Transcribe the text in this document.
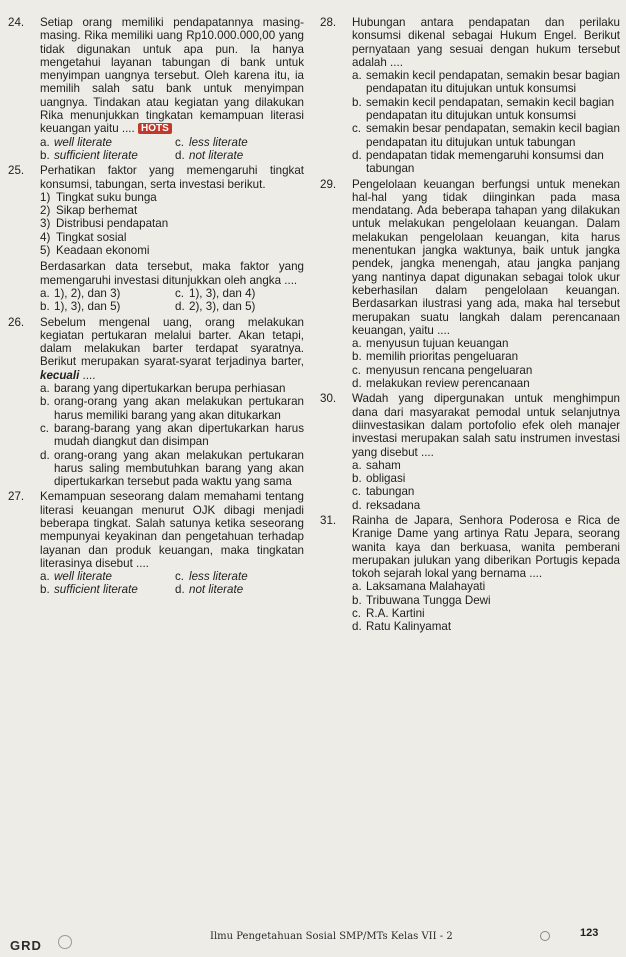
24.	Setiap orang memiliki pendapatannya masing-masing. Rika memiliki uang Rp10.000.000,00 yang tidak digunakan untuk apa pun. Ia hanya mengetahui layanan tabungan di bank untuk menyimpan uangnya tersebut. Oleh karena itu, ia memilih salah satu bank untuk menyimpan uangnya. Tindakan atau kegiatan yang dilakukan Rika menunjukkan tingkatan kemampuan literasi keuangan yaitu .... HOTS
a. well literate	c. less literate
b. sufficient literate	d. not literate
25.	Perhatikan faktor yang memengaruhi tingkat konsumsi, tabungan, serta investasi berikut.
1) Tingkat suku bunga
2) Sikap berhemat
3) Distribusi pendapatan
4) Tingkat sosial
5) Keadaan ekonomi
Berdasarkan data tersebut, maka faktor yang memengaruhi investasi ditunjukkan oleh angka ....
a. 1), 2), dan 3)	c. 1), 3), dan 4)
b. 1), 3), dan 5)	d. 2), 3), dan 5)
26.	Sebelum mengenal uang, orang melakukan kegiatan pertukaran melalui barter. Akan tetapi, dalam melakukan barter terdapat syaratnya. Berikut merupakan syarat-syarat terjadinya barter, kecuali ....
a. barang yang dipertukarkan berupa perhiasan
b. orang-orang yang akan melakukan pertukaran harus memiliki barang yang akan ditukarkan
c. barang-barang yang akan dipertukarkan harus mudah diangkut dan disimpan
d. orang-orang yang akan melakukan pertukaran harus saling membutuhkan barang yang akan dipertukarkan tersebut pada waktu yang sama
27.	Kemampuan seseorang dalam memahami tentang literasi keuangan menurut OJK dibagi menjadi beberapa tingkat. Salah satunya ketika seseorang mempunyai keyakinan dan pengetahuan terhadap layanan dan produk keuangan, maka tingkatan literasinya disebut ....
a. well literate	c. less literate
b. sufficient literate	d. not literate
28.	Hubungan antara pendapatan dan perilaku konsumsi dikenal sebagai Hukum Engel. Berikut pernyataan yang sesuai dengan hukum tersebut adalah ....
a. semakin kecil pendapatan, semakin besar bagian pendapatan itu ditujukan untuk konsumsi
b. semakin kecil pendapatan, semakin kecil bagian pendapatan itu ditujukan untuk konsumsi
c. semakin besar pendapatan, semakin kecil bagian pendapatan itu ditujukan untuk tabungan
d. pendapatan tidak memengaruhi konsumsi dan tabungan
29.	Pengelolaan keuangan berfungsi untuk menekan hal-hal yang tidak diinginkan pada masa mendatang. Ada beberapa tahapan yang dilakukan untuk melakukan pengelolaan keuangan. Dalam melakukan pengelolaan keuangan, kita harus menentukan jangka waktunya, baik untuk jangka pendek, jangka menengah, atau jangka panjang yang nantinya dapat digunakan sebagai tolok ukur keberhasilan dalam pengelolaan keuangan. Berdasarkan ilustrasi yang ada, maka hal tersebut merupakan suatu langkah dalam perencanaan keuangan, yaitu ....
a. menyusun tujuan keuangan
b. memilih prioritas pengeluaran
c. menyusun rencana pengeluaran
d. melakukan review perencanaan
30.	Wadah yang dipergunakan untuk menghimpun dana dari masyarakat pemodal untuk selanjutnya diinvestasikan dalam portofolio efek oleh manajer investasi merupakan salah satu instrumen investasi yang disebut ....
a. saham
b. obligasi
c. tabungan
d. reksadana
31.	Rainha de Japara, Senhora Poderosa e Rica de Kranige Dame yang artinya Ratu Jepara, seorang wanita kaya dan berkuasa, wanita pemberani merupakan julukan yang diberikan Portugis kepada tokoh sejarah lokal yang bernama ....
a. Laksamana Malahayati
b. Tribuwana Tungga Dewi
c. R.A. Kartini
d. Ratu Kalinyamat
GRD
Ilmu Pengetahuan Sosial SMP/MTs Kelas VII - 2	123
